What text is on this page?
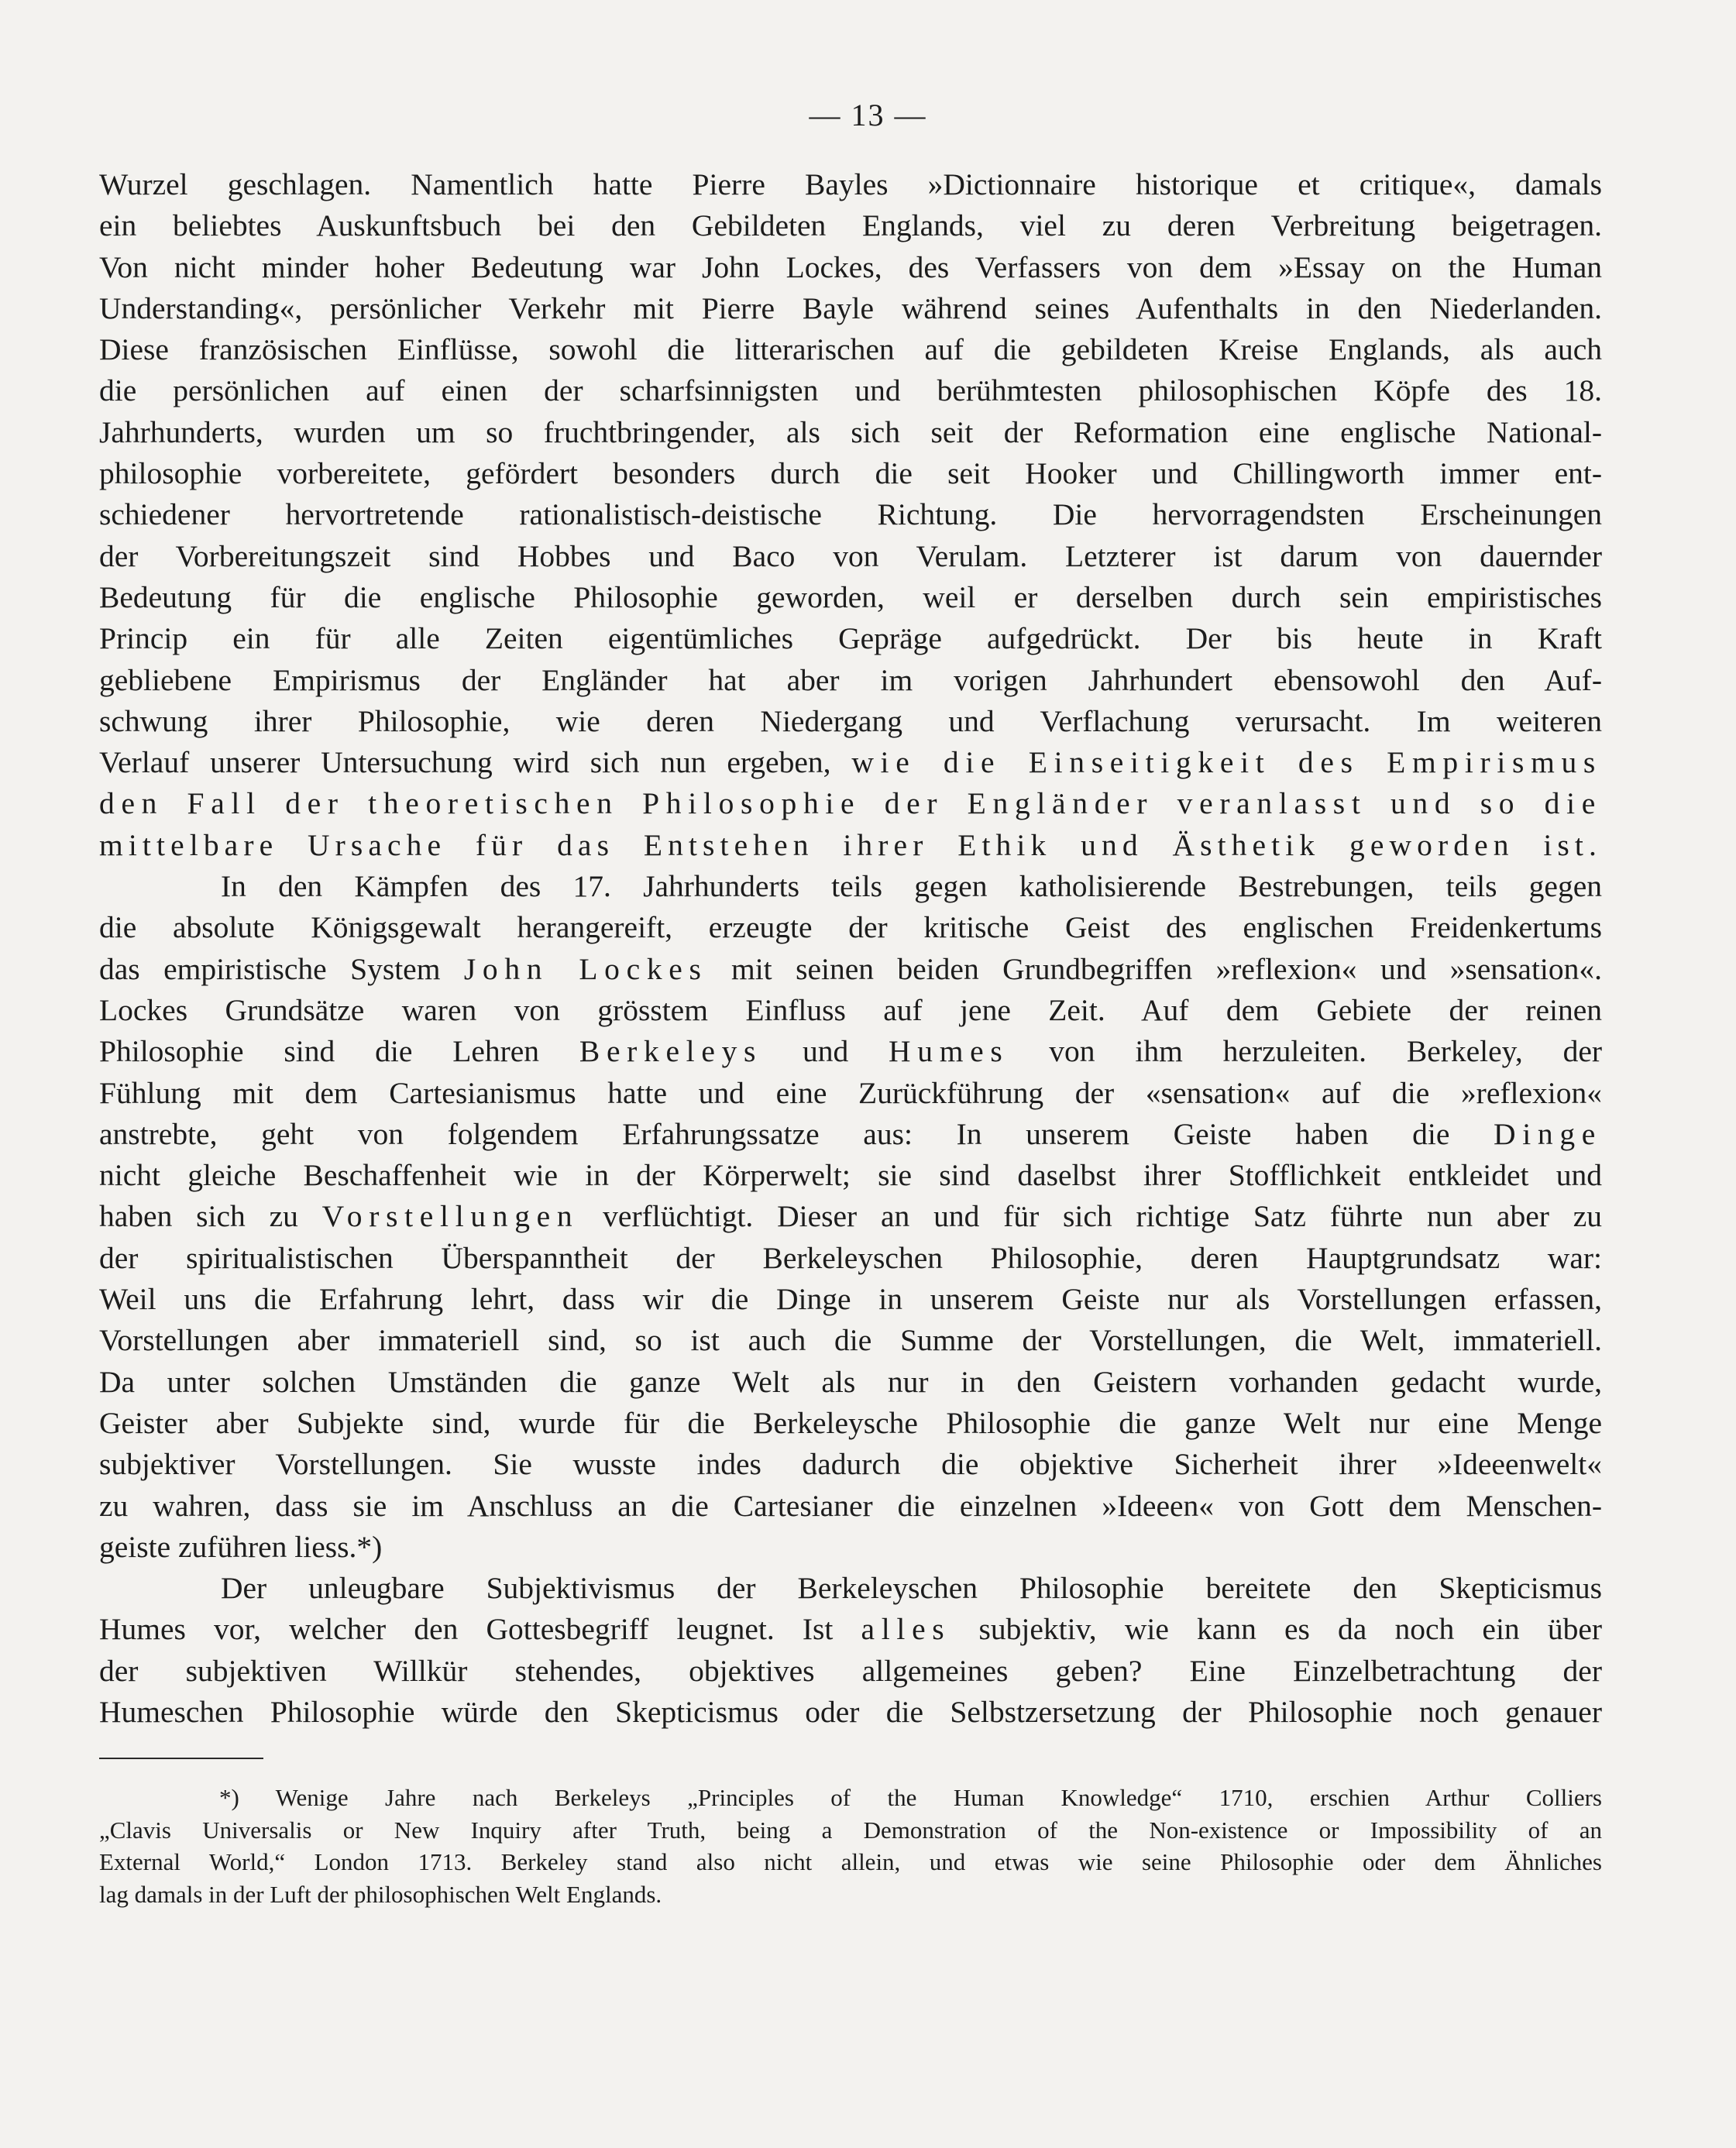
— 13 —
Wurzel geschlagen. Namentlich hatte Pierre Bayles »Dictionnaire historique et critique«, damals
ein beliebtes Auskunftsbuch bei den Gebildeten Englands, viel zu deren Verbreitung beigetragen.
Von nicht minder hoher Bedeutung war John Lockes, des Verfassers von dem »Essay on the Human
Understanding«, persönlicher Verkehr mit Pierre Bayle während seines Aufenthalts in den Niederlanden.
Diese französischen Einflüsse, sowohl die litterarischen auf die gebildeten Kreise Englands, als auch
die persönlichen auf einen der scharfsinnigsten und berühmtesten philosophischen Köpfe des 18.
Jahrhunderts, wurden um so fruchtbringender, als sich seit der Reformation eine englische National-
philosophie vorbereitete, gefördert besonders durch die seit Hooker und Chillingworth immer ent-
schiedener hervortretende rationalistisch-deistische Richtung. Die hervorragendsten Erscheinungen
der Vorbereitungszeit sind Hobbes und Baco von Verulam. Letzterer ist darum von dauernder
Bedeutung für die englische Philosophie geworden, weil er derselben durch sein empiristisches
Princip ein für alle Zeiten eigentümliches Gepräge aufgedrückt. Der bis heute in Kraft
gebliebene Empirismus der Engländer hat aber im vorigen Jahrhundert ebensowohl den Auf-
schwung ihrer Philosophie, wie deren Niedergang und Verflachung verursacht. Im weiteren
Verlauf unserer Untersuchung wird sich nun ergeben, wie die Einseitigkeit des Empirismus
den Fall der theoretischen Philosophie der Engländer veranlasst und so die
mittelbare Ursache für das Entstehen ihrer Ethik und Ästhetik geworden ist.
In den Kämpfen des 17. Jahrhunderts teils gegen katholisierende Bestrebungen, teils gegen
die absolute Königsgewalt herangereift, erzeugte der kritische Geist des englischen Freidenkertums
das empiristische System John Lockes mit seinen beiden Grundbegriffen »reflexion« und »sensation«.
Lockes Grundsätze waren von grösstem Einfluss auf jene Zeit. Auf dem Gebiete der reinen
Philosophie sind die Lehren Berkeleys und Humes von ihm herzuleiten. Berkeley, der
Fühlung mit dem Cartesianismus hatte und eine Zurückführung der «sensation« auf die »reflexion«
anstrebte, geht von folgendem Erfahrungssatze aus: In unserem Geiste haben die Dinge
nicht gleiche Beschaffenheit wie in der Körperwelt; sie sind daselbst ihrer Stofflichkeit entkleidet und
haben sich zu Vorstellungen verflüchtigt. Dieser an und für sich richtige Satz führte nun aber zu
der spiritualistischen Überspanntheit der Berkeleyschen Philosophie, deren Hauptgrundsatz war:
Weil uns die Erfahrung lehrt, dass wir die Dinge in unserem Geiste nur als Vorstellungen erfassen,
Vorstellungen aber immateriell sind, so ist auch die Summe der Vorstellungen, die Welt, immateriell.
Da unter solchen Umständen die ganze Welt als nur in den Geistern vorhanden gedacht wurde,
Geister aber Subjekte sind, wurde für die Berkeleysche Philosophie die ganze Welt nur eine Menge
subjektiver Vorstellungen. Sie wusste indes dadurch die objektive Sicherheit ihrer »Ideeenwelt«
zu wahren, dass sie im Anschluss an die Cartesianer die einzelnen »Ideeen« von Gott dem Menschen-
geiste zuführen liess.*)
Der unleugbare Subjektivismus der Berkeleyschen Philosophie bereitete den Skepticismus
Humes vor, welcher den Gottesbegriff leugnet. Ist alles subjektiv, wie kann es da noch ein über
der subjektiven Willkür stehendes, objektives allgemeines geben? Eine Einzelbetrachtung der
Humeschen Philosophie würde den Skepticismus oder die Selbstzersetzung der Philosophie noch genauer
*) Wenige Jahre nach Berkeleys „Principles of the Human Knowledge“ 1710, erschien Arthur Colliers
„Clavis Universalis or New Inquiry after Truth, being a Demonstration of the Non-existence or Impossibility of an
External World,“ London 1713. Berkeley stand also nicht allein, und etwas wie seine Philosophie oder dem Ähnliches
lag damals in der Luft der philosophischen Welt Englands.
